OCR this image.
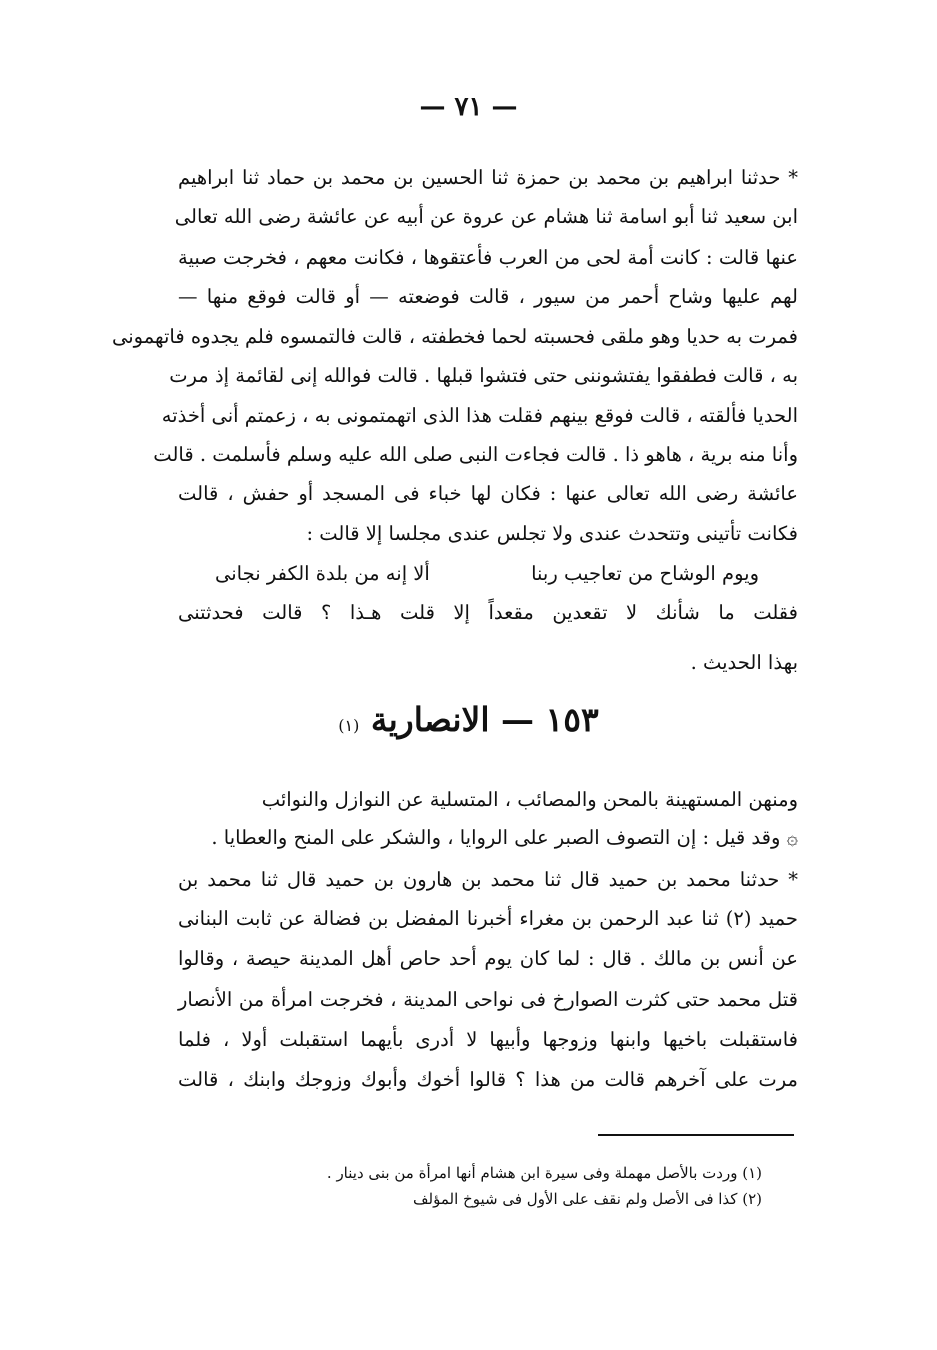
— ٧١ —
* حدثنا ابراهيم بن محمد بن حمزة ثنا الحسين بن محمد بن حماد ثنا ابراهيم
ابن سعيد ثنا أبو اسامة ثنا هشام عن عروة عن أبيه عن عائشة رضى الله تعالى
عنها قالت : كانت أمة لحى من العرب فأعتقوها ، فكانت معهم ، فخرجت صبية
لهم عليها وشاح أحمر من سيور ، قالت فوضعته — أو قالت فوقع منها —
فمرت به حديا وهو ملقى فحسبته لحما فخطفته ، قالت فالتمسوه فلم يجدوه فاتهمونى
به ، قالت فطفقوا يفتشوننى حتى فتشوا قبلها . قالت فوالله إنى لقائمة إذ مرت
الحديا فألقته ، قالت فوقع بينهم فقلت هذا الذى اتهمتمونى به ، زعمتم أنى أخذته
وأنا منه برية ، هاهو ذا . قالت فجاءت النبى صلى الله عليه وسلم فأسلمت . قالت
عائشة رضى الله تعالى عنها : فكان لها خباء فى المسجد أو حفش ، قالت
فكانت تأتينى وتتحدث عندى ولا تجلس عندى مجلسا إلا قالت :
ويوم الوشاح من تعاجيب ربنا
ألا إنه من بلدة الكفر نجانى
فقلت ما شأنك لا تقعدين مقعداً إلا قلت هـذا ؟ قالت فحدثتنى
بهذا الحديث .
١٥٣ — الانصارية (١)
ومنهن المستهينة بالمحن والمصائب ، المتسلية عن النوازل والنوائب
۞ وقد قيل : إن التصوف الصبر على الروايا ، والشكر على المنح والعطايا .
* حدثنا محمد بن حميد قال ثنا محمد بن هارون بن حميد قال ثنا محمد بن
حميد (٢) ثنا عبد الرحمن بن مغراء أخبرنا المفضل بن فضالة عن ثابت البنانى
عن أنس بن مالك . قال : لما كان يوم أحد حاص أهل المدينة حيصة ، وقالوا
قتل محمد حتى كثرت الصوارخ فى نواحى المدينة ، فخرجت امرأة من الأنصار
فاستقبلت باخيها وابنها وزوجها وأبيها لا أدرى بأيهما استقبلت أولا ، فلما
مرت على آخرهم قالت من هذا ؟ قالوا أخوك وأبوك وزوجك وابنك ، قالت
(١) وردت بالأصل مهملة وفى سيرة ابن هشام أنها امرأة من بنى دينار .
(٢) كذا فى الأصل ولم نقف على الأول فى شيوخ المؤلف
